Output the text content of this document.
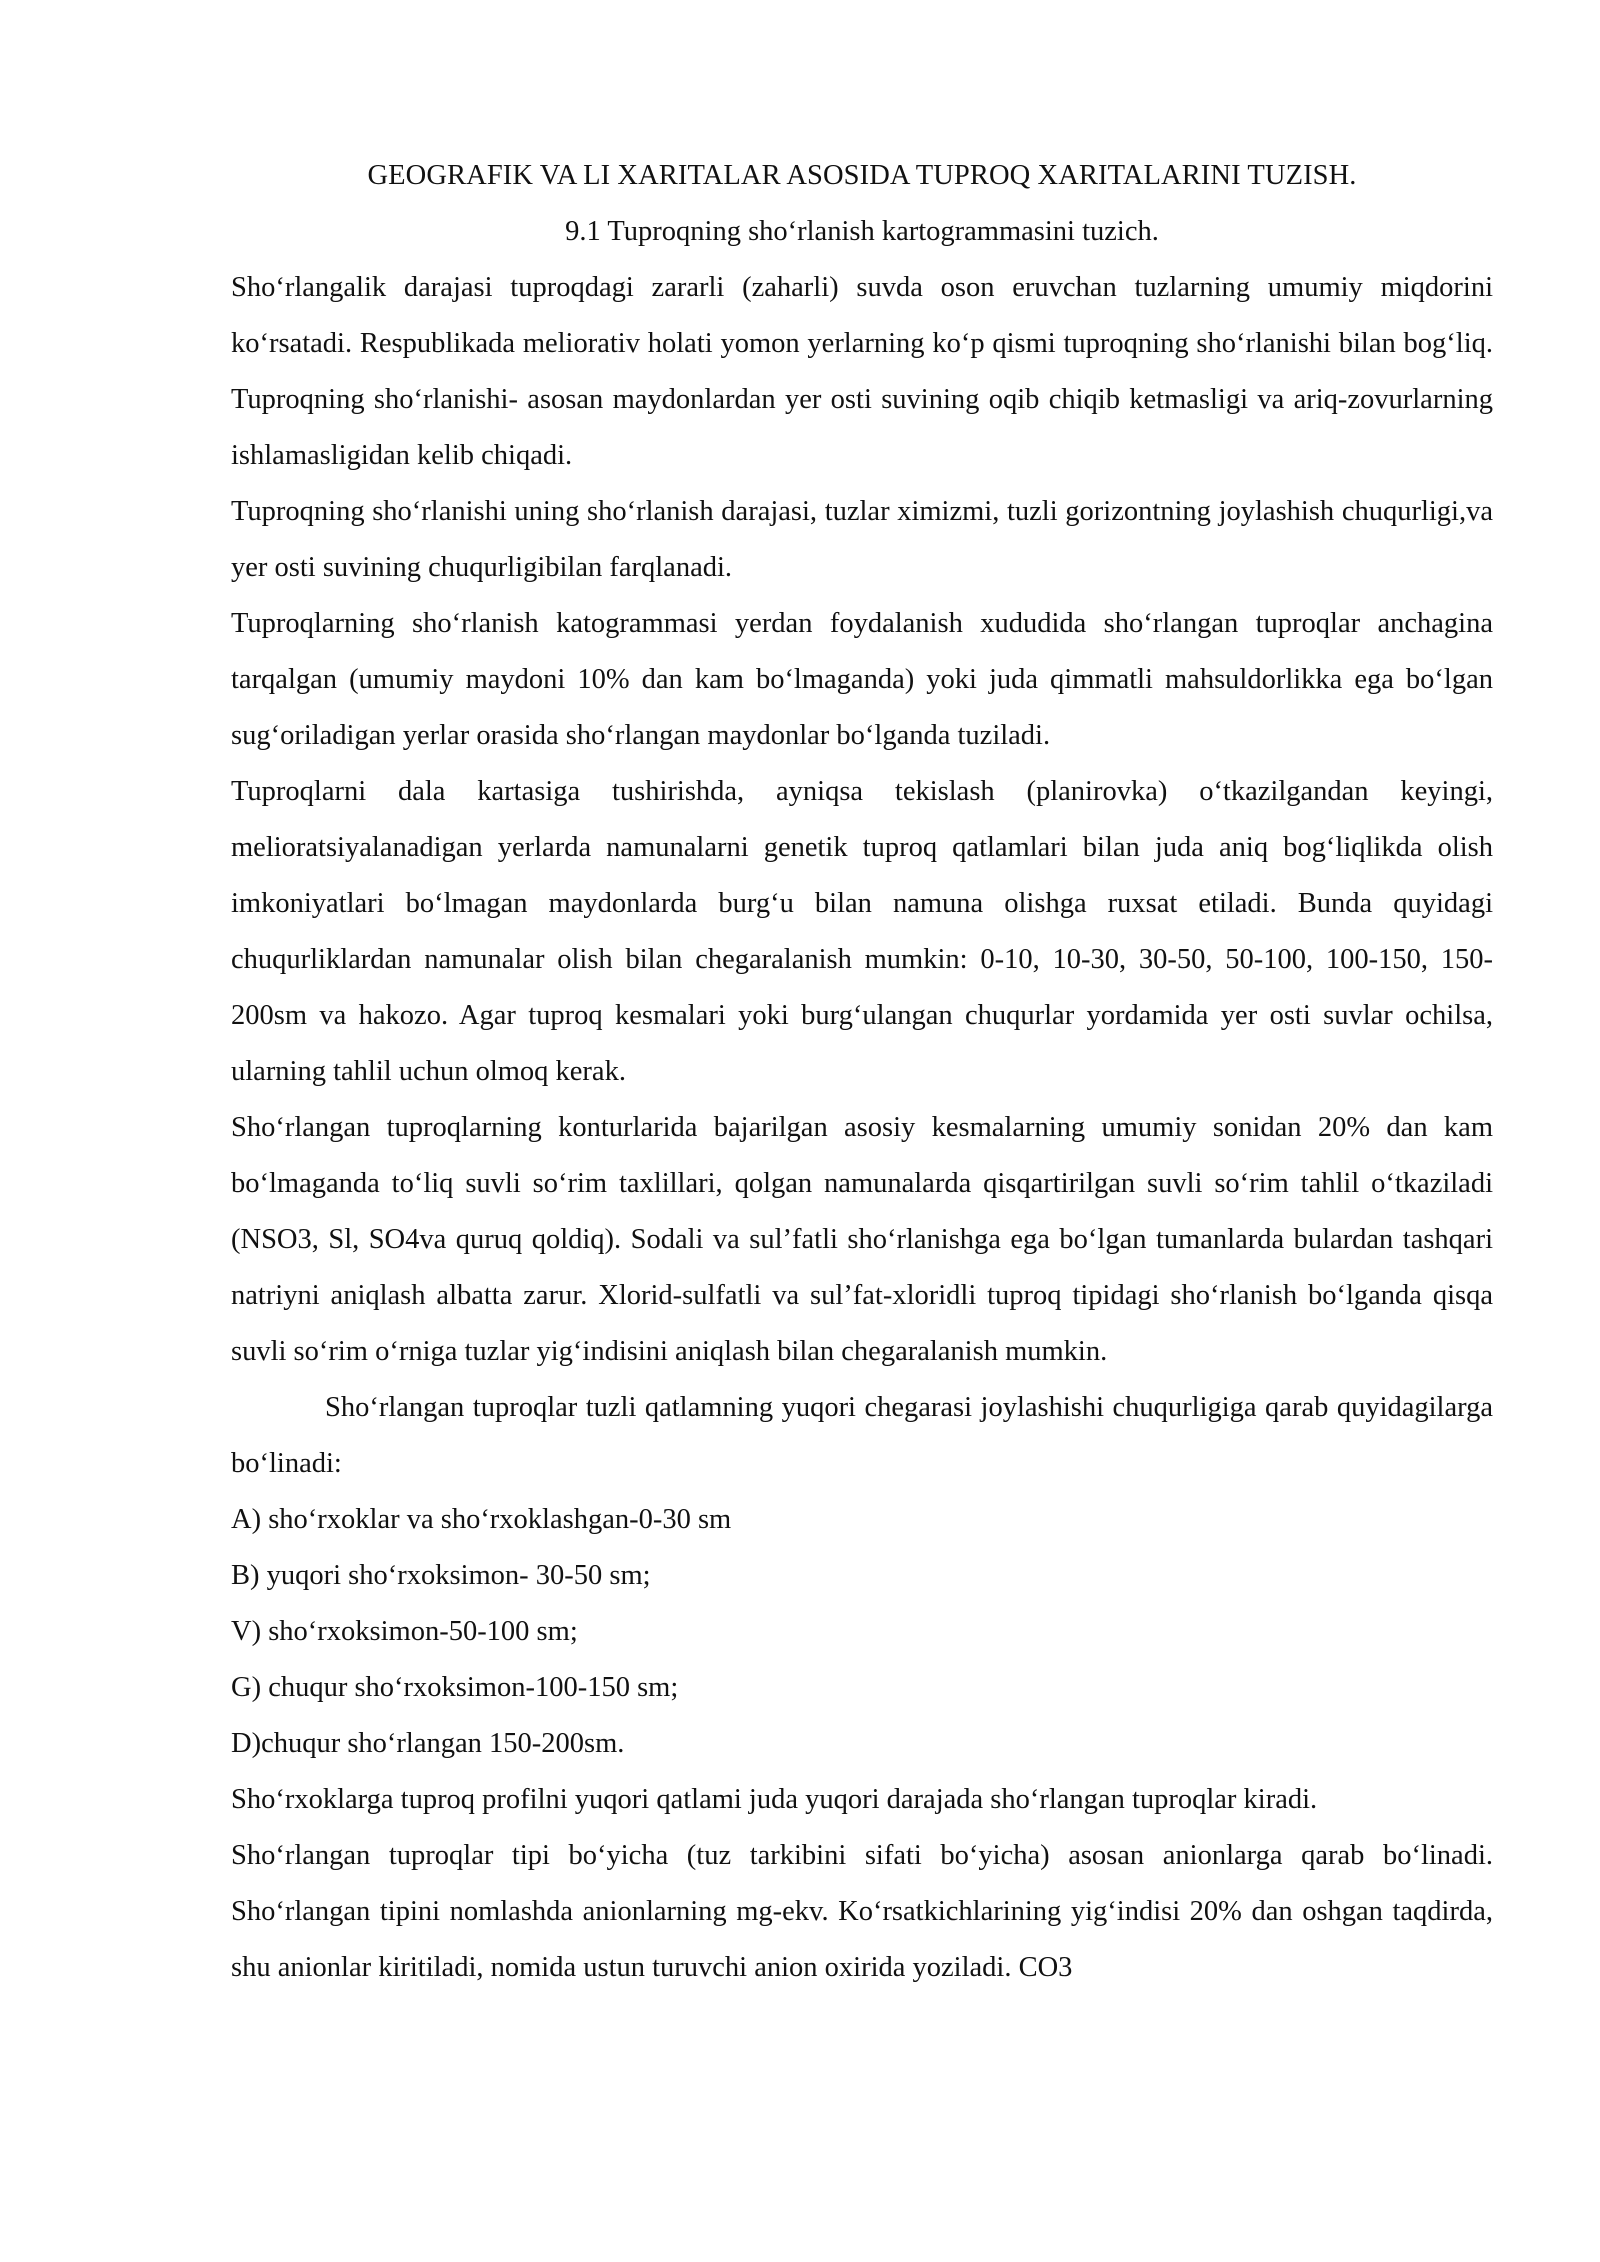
GEOGRAFIK VA LI XARITALAR ASOSIDA TUPROQ XARITALARINI TUZISH.
9.1 Tuproqning sho‘rlanish kartogrammasini tuzich.

Sho‘rlangalik darajasi tuproqdagi zararli (zaharli) suvda oson eruvchan tuzlarning umumiy miqdorini ko‘rsatadi. Respublikada meliorativ holati yomon yerlarning ko‘p qismi tuproqning sho‘rlanishi bilan bog‘liq. Tuproqning sho‘rlanishi- asosan maydonlardan yer osti suvining oqib chiqib ketmasligi va ariq-zovurlarning ishlamasligidan kelib chiqadi.

Tuproqning sho‘rlanishi uning sho‘rlanish darajasi, tuzlar ximizmi, tuzli gorizontning joylashish chuqurligi,va yer osti suvining chuqurligibilan farqlanadi.

Tuproqlarning sho‘rlanish katogrammasi yerdan foydalanish xududida sho‘rlangan tuproqlar anchagina tarqalgan (umumiy maydoni 10% dan kam bo‘lmaganda) yoki juda qimmatli mahsuldorlikka ega bo‘lgan sug‘oriladigan yerlar orasida sho‘rlangan maydonlar bo‘lganda tuziladi.

Tuproqlarni dala kartasiga tushirishda, ayniqsa tekislash (planirovka) o‘tkazilgandan keyingi, melioratsiyalanadigan yerlarda namunalarni genetik tuproq qatlamlari bilan juda aniq bog‘liqlikda olish imkoniyatlari bo‘lmagan maydonlarda burg‘u bilan namuna olishga ruxsat etiladi. Bunda quyidagi chuqurliklardan namunalar olish bilan chegaralanish mumkin: 0-10, 10-30, 30-50, 50-100, 100-150, 150-200sm va hakozo. Agar tuproq kesmalari yoki burg‘ulangan chuqurlar yordamida yer osti suvlar ochilsa, ularning tahlil uchun olmoq kerak.

Sho‘rlangan tuproqlarning konturlarida bajarilgan asosiy kesmalarning umumiy sonidan 20% dan kam bo‘lmaganda to‘liq suvli so‘rim taxlillari, qolgan namunalarda qisqartirilgan suvli so‘rim tahlil o‘tkaziladi (NSO3, Sl, SO4va quruq qoldiq). Sodali va sul’fatli sho‘rlanishga ega bo‘lgan tumanlarda bulardan tashqari natriyni aniqlash albatta zarur. Xlorid-sulfatli va sul’fat-xloridli tuproq tipidagi sho‘rlanish bo‘lganda qisqa suvli so‘rim o‘rniga tuzlar yig‘indisini aniqlash bilan chegaralanish mumkin.

Sho‘rlangan tuproqlar tuzli qatlamning yuqori chegarasi joylashishi chuqurligiga qarab quyidagilarga bo‘linadi:

A) sho‘rxoklar va sho‘rxoklashgan-0-30 sm
B) yuqori sho‘rxoksimon- 30-50 sm;
V) sho‘rxoksimon-50-100 sm;
G) chuqur sho‘rxoksimon-100-150 sm;
D)chuqur sho‘rlangan 150-200sm.

Sho‘rxoklarga tuproq profilni yuqori qatlami juda yuqori darajada sho‘rlangan tuproqlar kiradi.

Sho‘rlangan tuproqlar tipi bo‘yicha (tuz tarkibini sifati bo‘yicha) asosan anionlarga qarab bo‘linadi. Sho‘rlangan tipini nomlashda anionlarning mg-ekv. Ko‘rsatkichlarining yig‘indisi 20% dan oshgan taqdirda, shu anionlar kiritiladi, nomida ustun turuvchi anion oxirida yoziladi. CO3
